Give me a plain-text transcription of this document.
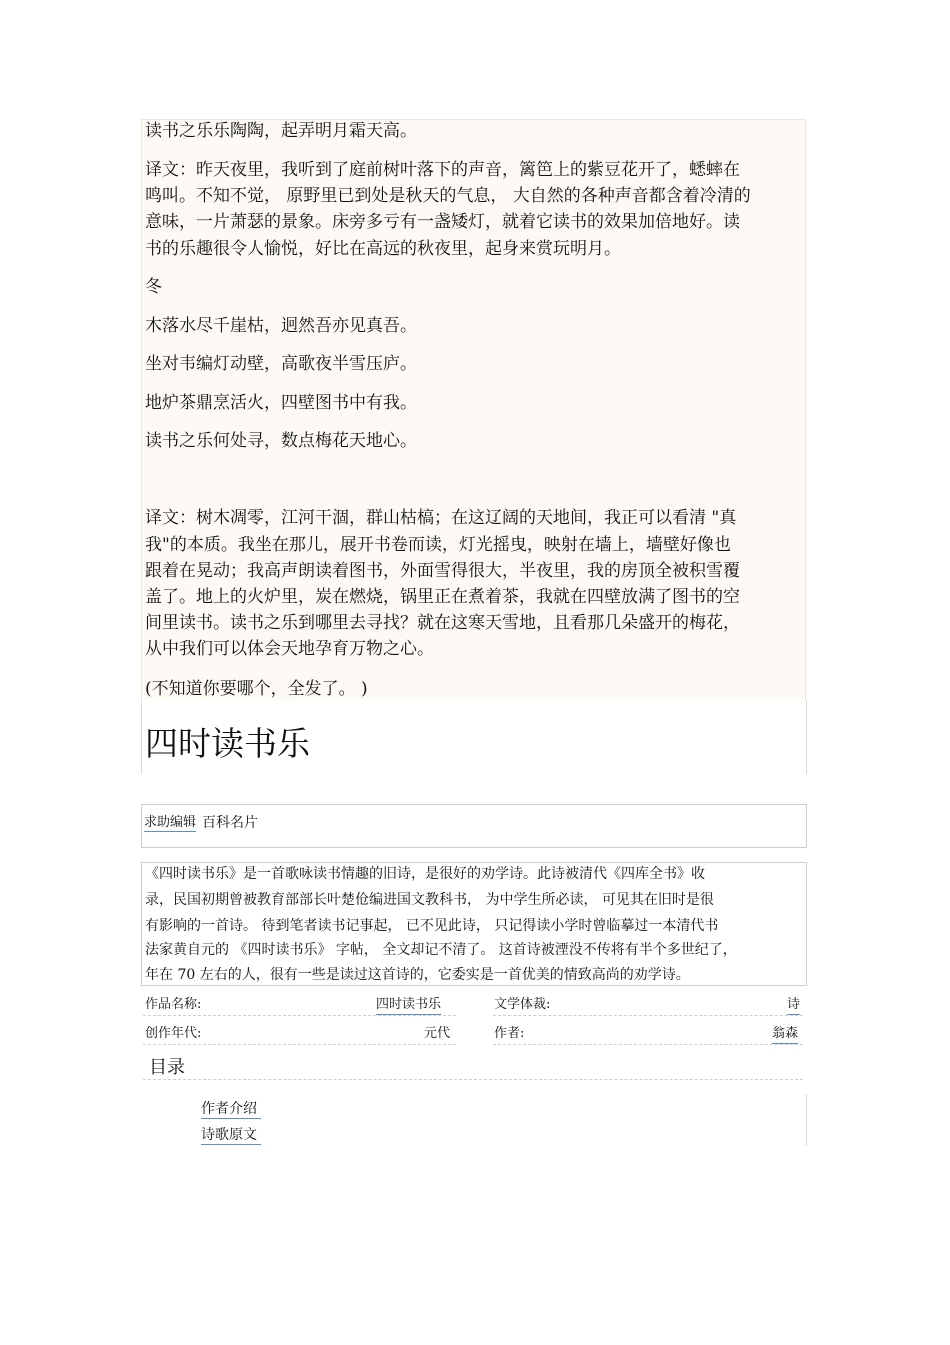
读书之乐乐陶陶，起弄明月霜天高。
译文：昨天夜里，我听到了庭前树叶落下的声音，篱笆上的紫豆花开了，蟋蟀在
鸣叫。不知不觉， 原野里已到处是秋天的气息， 大自然的各种声音都含着冷清的
意味，一片萧瑟的景象。床旁多亏有一盏矮灯，就着它读书的效果加倍地好。读
书的乐趣很令人愉悦，好比在高远的秋夜里，起身来赏玩明月。
冬
木落水尽千崖枯，迥然吾亦见真吾。
坐对韦编灯动壁，高歌夜半雪压庐。
地炉茶鼎烹活火，四壁图书中有我。
读书之乐何处寻，数点梅花天地心。
译文：树木凋零，江河干涸，群山枯槁；在这辽阔的天地间，我正可以看清 "真
我"的本质。我坐在那儿，展开书卷而读，灯光摇曳，映射在墙上，墙壁好像也
跟着在晃动；我高声朗读着图书，外面雪得很大，半夜里，我的房顶全被积雪覆
盖了。地上的火炉里，炭在燃烧，锅里正在煮着茶，我就在四壁放满了图书的空
间里读书。读书之乐到哪里去寻找？就在这寒天雪地，且看那几朵盛开的梅花，
从中我们可以体会天地孕育万物之心。
(不知道你要哪个，全发了。 )
四时读书乐
求助编辑 百科名片
《四时读书乐》是一首歌咏读书情趣的旧诗，是很好的劝学诗。此诗被清代《四库全书》收
录，民国初期曾被教育部部长叶楚伧编进国文教科书， 为中学生所必读， 可见其在旧时是很
有影响的一首诗。 待到笔者读书记事起， 已不见此诗， 只记得读小学时曾临摹过一本清代书
法家黄自元的 《四时读书乐》 字帖， 全文却记不清了。 这首诗被湮没不传将有半个多世纪了，
年在 70 左右的人，很有一些是读过这首诗的，它委实是一首优美的情致高尚的劝学诗。
作品名称:	四时读书乐	文学体裁:	诗
创作年代:	元代	作者:	翁森
目录
作者介绍
诗歌原文
